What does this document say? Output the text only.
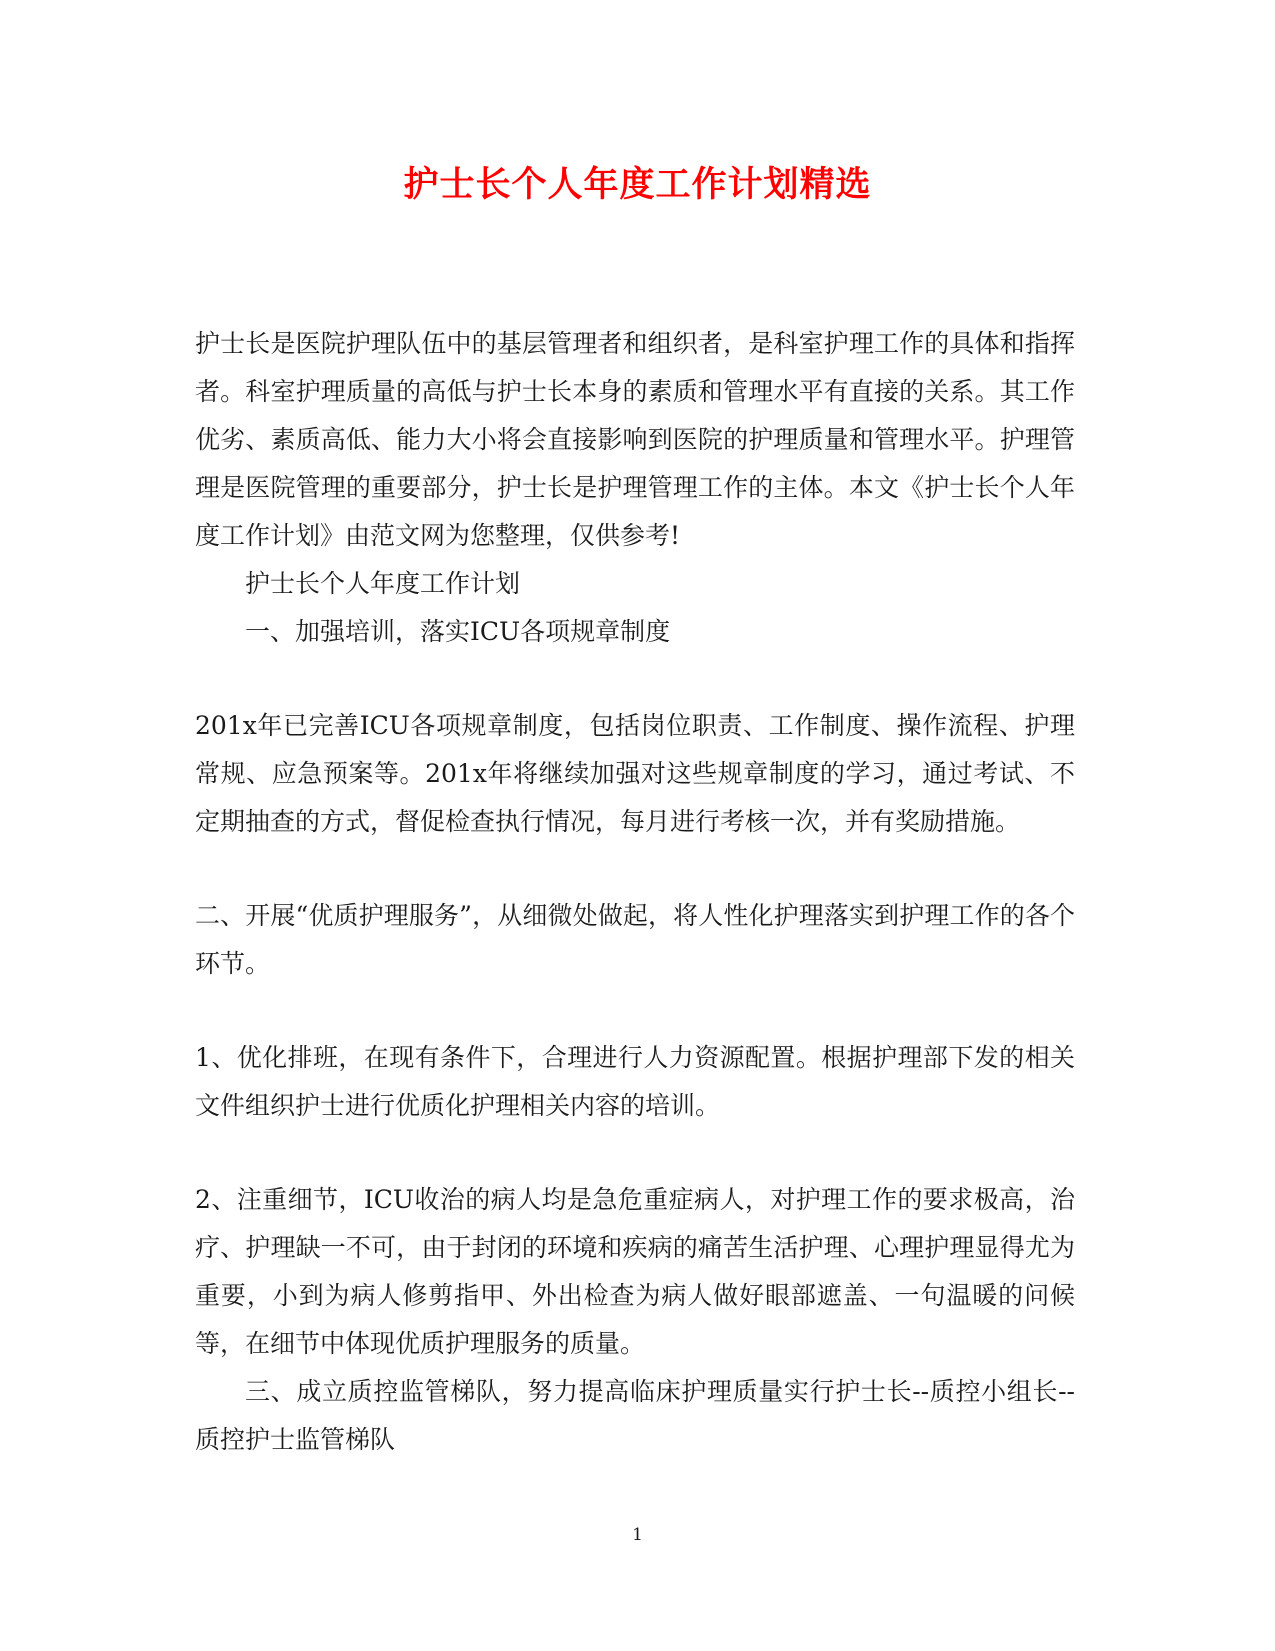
护士长个人年度工作计划精选

护士长是医院护理队伍中的基层管理者和组织者，是科室护理工作的具体和指挥者。科室护理质量的高低与护士长本身的素质和管理水平有直接的关系。其工作优劣、素质高低、能力大小将会直接影响到医院的护理质量和管理水平。护理管理是医院管理的重要部分，护士长是护理管理工作的主体。本文《护士长个人年度工作计划》由范文网为您整理，仅供参考!

护士长个人年度工作计划

一、加强培训，落实ICU各项规章制度

201x年已完善ICU各项规章制度，包括岗位职责、工作制度、操作流程、护理常规、应急预案等。201x年将继续加强对这些规章制度的学习，通过考试、不定期抽查的方式，督促检查执行情况，每月进行考核一次，并有奖励措施。

二、开展“优质护理服务”，从细微处做起，将人性化护理落实到护理工作的各个环节。

1、优化排班，在现有条件下，合理进行人力资源配置。根据护理部下发的相关文件组织护士进行优质化护理相关内容的培训。

2、注重细节，ICU收治的病人均是急危重症病人，对护理工作的要求极高，治疗、护理缺一不可，由于封闭的环境和疾病的痛苦生活护理、心理护理显得尤为重要，小到为病人修剪指甲、外出检查为病人做好眼部遮盖、一句温暖的问候等，在细节中体现优质护理服务的质量。

三、成立质控监管梯队，努力提高临床护理质量实行护士长--质控小组长--质控护士监管梯队

1
